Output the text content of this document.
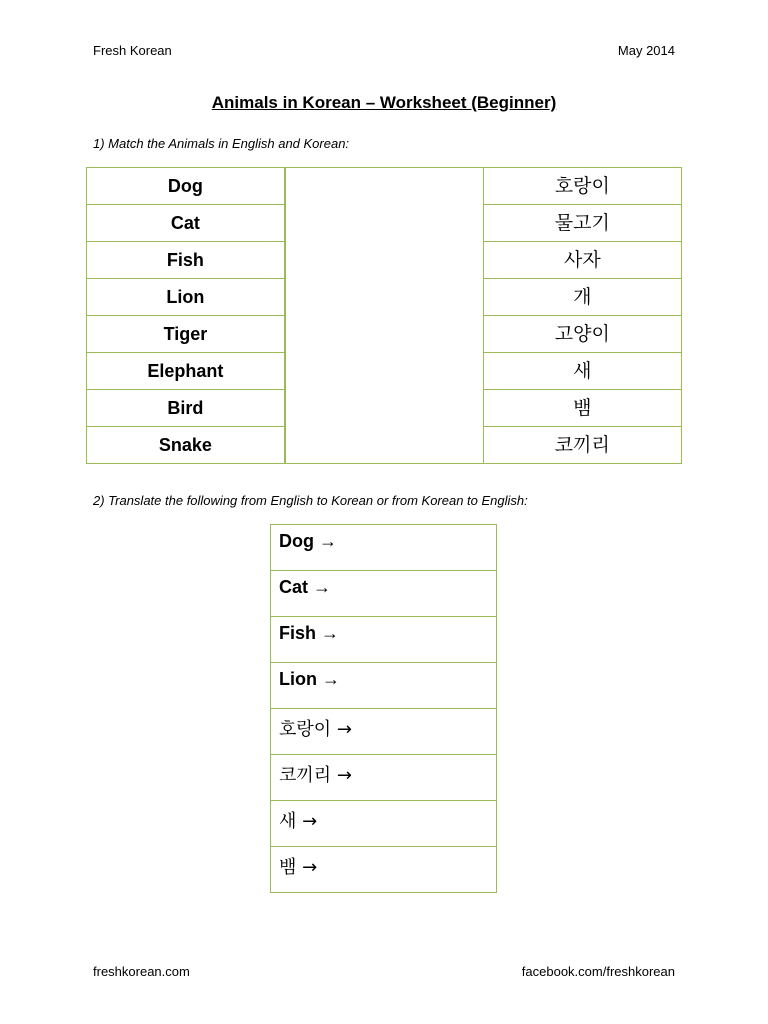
Fresh Korean	May 2014
Animals in Korean – Worksheet (Beginner)
1) Match the Animals in English and Korean:
Dog		호랑이
Cat		물고기
Fish		사자
Lion		개
Tiger		고양이
Elephant		새
Bird		뱀
Snake		코끼리
2) Translate the following from English to Korean or from Korean to English:
Dog →
Cat →
Fish →
Lion →
호랑이 →
코끼리 →
새 →
뱀 →
freshkorean.com	facebook.com/freshkorean
